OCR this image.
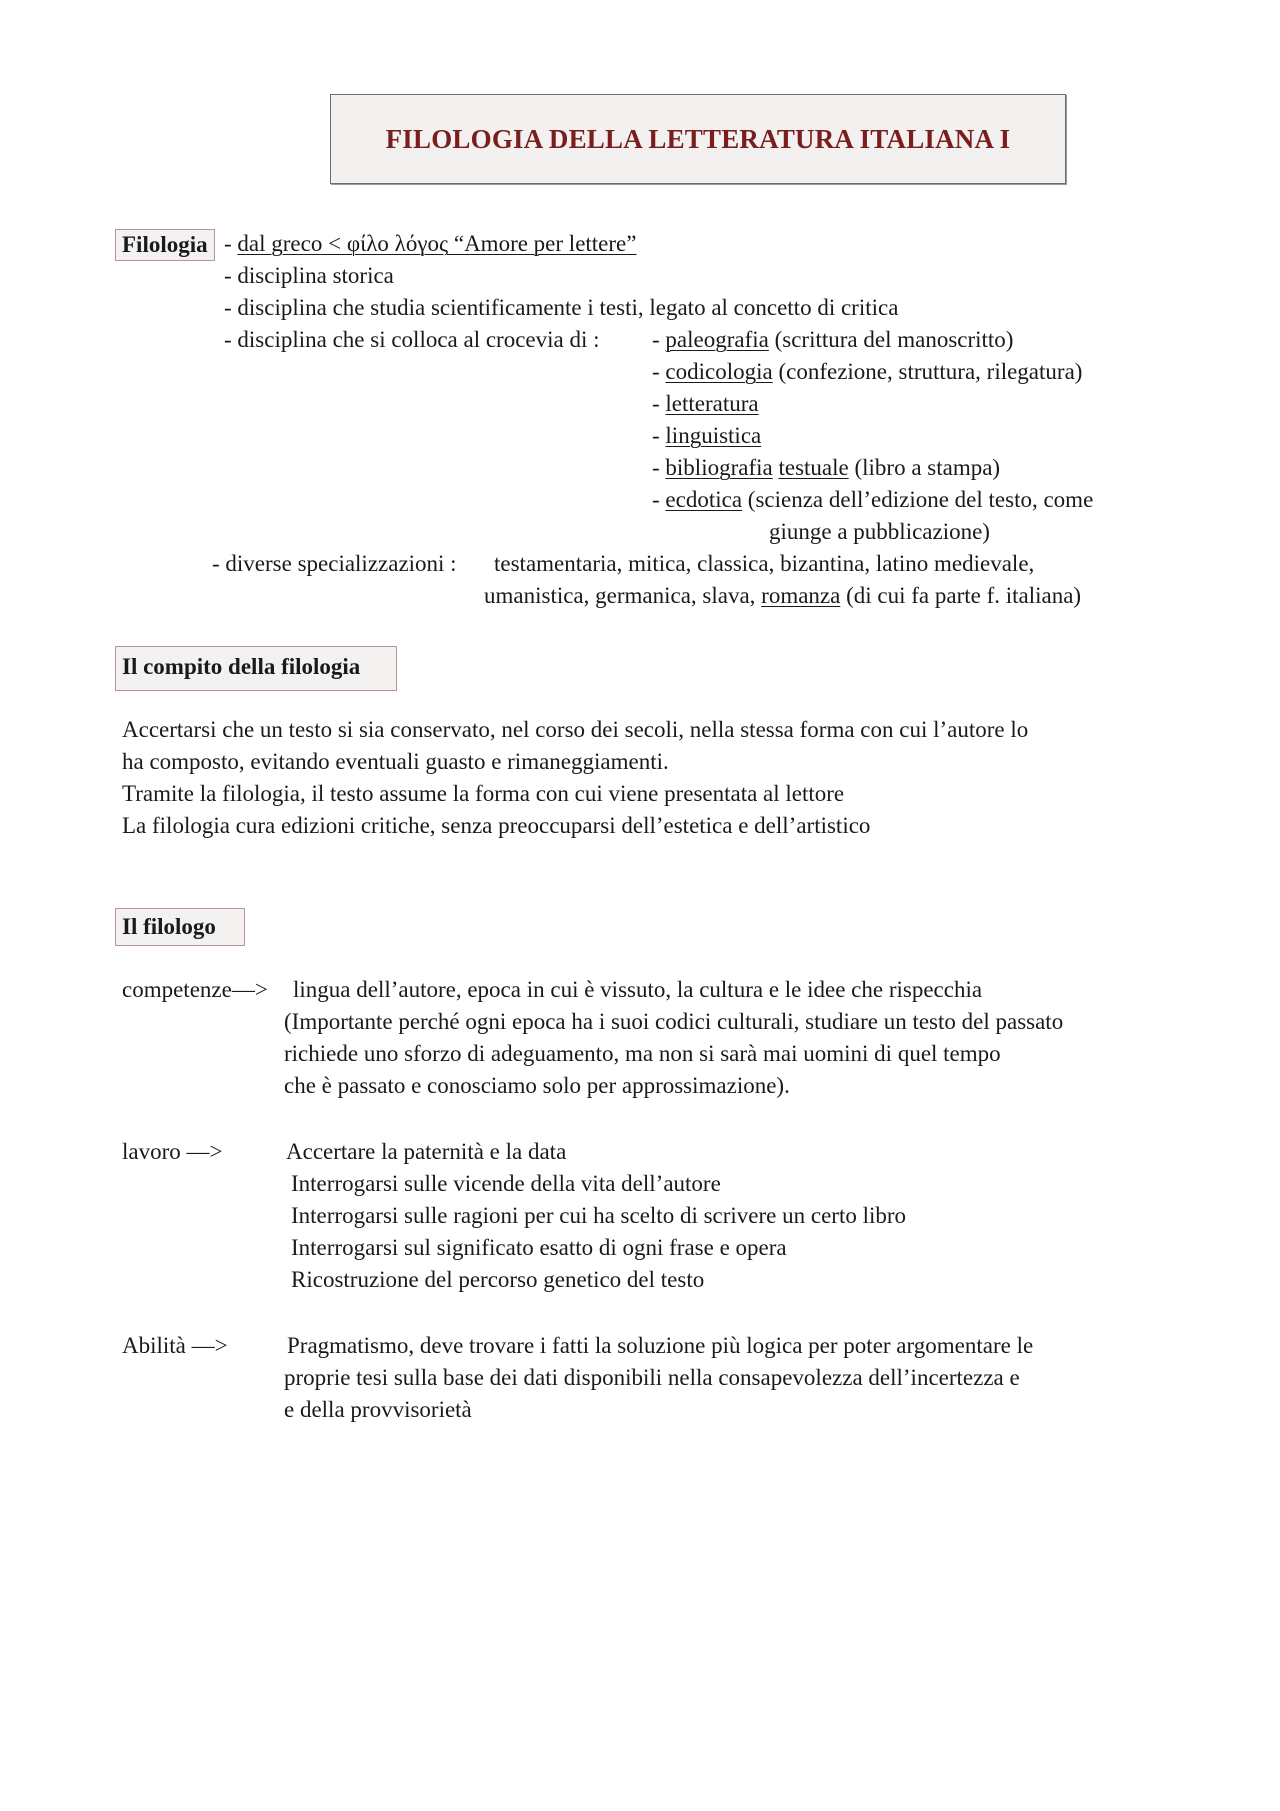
FILOLOGIA DELLA LETTERATURA ITALIANA I
Filologia - dal greco < φίλο λόγος “Amore per lettere”
- disciplina storica
- disciplina che studia scientificamente i testi, legato al concetto di critica
- disciplina che si colloca al crocevia di : - paleografia (scrittura del manoscritto)
- codicologia (confezione, struttura, rilegatura)
- letteratura
- linguistica
- bibliografia testuale (libro a stampa)
- ecdotica (scienza dell’edizione del testo, come
giunge a pubblicazione)
- diverse specializzazioni : testamentaria, mitica, classica, bizantina, latino medievale,
umanistica, germanica, slava, romanza (di cui fa parte f. italiana)
Il compito della filologia
Accertarsi che un testo si sia conservato, nel corso dei secoli, nella stessa forma con cui l’autore lo
ha composto, evitando eventuali guasto e rimaneggiamenti.
Tramite la filologia, il testo assume la forma con cui viene presentata al lettore
La filologia cura edizioni critiche, senza preoccuparsi dell’estetica e dell’artistico
Il filologo
competenze—> lingua dell’autore, epoca in cui è vissuto, la cultura e le idee che rispecchia
(Importante perché ogni epoca ha i suoi codici culturali, studiare un testo del passato
richiede uno sforzo di adeguamento, ma non si sarà mai uomini di quel tempo
che è passato e conosciamo solo per approssimazione).
lavoro —>	Accertare la paternità e la data
Interrogarsi sulle vicende della vita dell’autore
Interrogarsi sulle ragioni per cui ha scelto di scrivere un certo libro
Interrogarsi sul significato esatto di ogni frase e opera
Ricostruzione del percorso genetico del testo
Abilità —>	Pragmatismo, deve trovare i fatti la soluzione più logica per poter argomentare le
proprie tesi sulla base dei dati disponibili nella consapevolezza dell’incertezza e
e della provvisorietà
